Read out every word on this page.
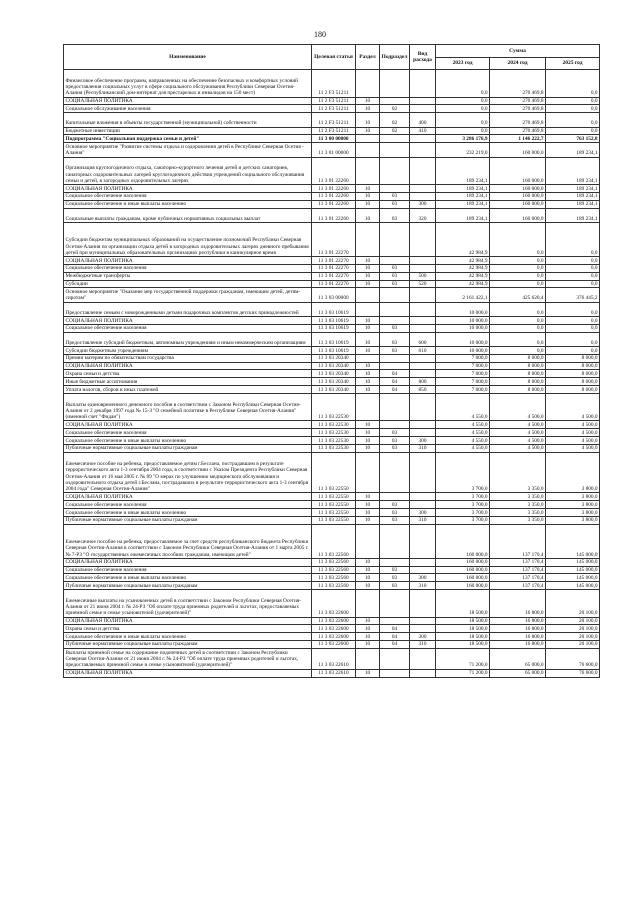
180
Наименование	Целевая статья	Раздел	Подраздел	Вид расхода	Сумма		
					2023 год	2024 год	2025 год
Финансовое обеспечение программ, направленных на обеспечение безопасных и комфортных условий предоставления социальных услуг в сфере социального обслуживания Республики Северная Осетия-Алания (Республиканский дом-интернат для престарелых и инвалидов на 150 мест)	11 2 F3 51211				0,0	270 469,8	0,0
СОЦИАЛЬНАЯ ПОЛИТИКА	11 2 F3 51211	10			0,0	270 469,8	0,0
Социальное обслуживание населения	11 2 F3 51211	10	02		0,0	270 469,8	0,0
Капитальные вложения в объекты государственной (муниципальной) собственности	11 2 F3 51211	10	02	400	0,0	270 469,8	0,0
Бюджетные инвестиции	11 2 F3 51211	10	02	410	0,0	270 469,8	0,0
Подпрограмма "Социальная поддержка семьи и детей"	11 3 00 00000				3 286 176,9	1 146 222,7	763 152,8
Основное мероприятие "Развитие системы отдыха и оздоровления детей в Республике Северная Осетия - Алания"	11 3 01 00000				232 219,0	160 000,0	189 234,1
Организация круглогодичного отдыха, санаторно-курортного лечения детей и детских санаториев, санаторных оздоровительных лагерей круглогодичного действия учреждений социального обслуживания семьи и детей, в загородных оздоровительных лагерях	11 3 01 22260				189 234,1	160 000,0	189 234,1
СОЦИАЛЬНАЯ ПОЛИТИКА	11 3 01 22260	10			189 234,1	160 000,0	189 234,1
Социальное обеспечение населения	11 3 01 22260	10	03		189 234,1	160 000,0	189 234,1
Социальное обеспечение и иные выплаты населению	11 3 01 22260	10	03	300	189 234,1	160 000,0	189 234,1
Социальные выплаты гражданам, кроме публичных нормативных социальных выплат	11 3 01 22260	10	03	320	189 234,1	160 000,0	189 234,1
Субсидии бюджетам муниципальных образований на осуществление полномочий Республики Северная Осетия-Алания по организации отдыха детей в загородных оздоровительных лагерях дневного пребывания детей при муниципальных образовательных организациях республики в каникулярное время	11 3 01 22270				42 984,9	0,0	0,0
СОЦИАЛЬНАЯ ПОЛИТИКА	11 3 01 22270	10			42 984,9	0,0	0,0
Социальное обеспечение населения	11 3 01 22270	10	03		42 984,9	0,0	0,0
Межбюджетные трансферты	11 3 01 22270	10	03	500	42 984,9	0,0	0,0
Субсидии	11 3 01 22270	10	03	520	42 984,9	0,0	0,0
Основное мероприятие "Оказание мер государственной поддержки гражданам, имеющим детей, детям-сиротам"	11 3 03 00000				2 161 422,1	425 620,4	376 445,2
Предоставление семьям с новорожденными детьми подарочных комплектов детских принадлежностей	11 3 03 10619				10 000,0	0,0	0,0
СОЦИАЛЬНАЯ ПОЛИТИКА	11 3 03 10619	10			10 000,0	0,0	0,0
Социальное обеспечение населения	11 3 03 10619	10	03		10 000,0	0,0	0,0
Предоставление субсидий бюджетным, автономным учреждениям и иным некоммерческим организациям	11 3 03 10619	10	03	600	10 000,0	0,0	0,0
Субсидии бюджетным учреждениям	11 3 03 10619	10	03	610	10 000,0	0,0	0,0
Премии матерям по обязательствам государства	11 3 03 20340				7 000,0	8 000,0	8 000,0
СОЦИАЛЬНАЯ ПОЛИТИКА	11 3 03 20340	10			7 000,0	8 000,0	8 000,0
Охрана семьи и детства	11 3 03 20340	10	04		7 000,0	8 000,0	8 000,0
Иные бюджетные ассигнования	11 3 03 20340	10	04	800	7 000,0	8 000,0	8 000,0
Уплата налогов, сборов и иных платежей	11 3 03 20340	10	04	850	7 000,0	8 000,0	8 000,0
Выплаты единовременного денежного пособия в соответствии с Законом Республики Северная Осетия-Алания от 2 декабря 1997 года № 15-З "О семейной политике в Республике Северная Осетия-Алания" (именной счет "Фидан")	11 3 03 22530				4 550,0	4 500,0	4 500,0
СОЦИАЛЬНАЯ ПОЛИТИКА	11 3 03 22530	10			4 550,0	4 500,0	4 500,0
Социальное обеспечение населения	11 3 03 22530	10	03		4 550,0	4 500,0	4 500,0
Социальное обеспечение и иные выплаты населению	11 3 03 22530	10	03	300	4 550,0	4 500,0	4 500,0
Публичные нормативные социальные выплаты гражданам	11 3 03 22530	10	03	310	4 550,0	4 500,0	4 500,0
Ежемесячное пособие на ребенка, предоставляемое детям г.Беслана, пострадавшим в результате террористического акта 1-3 сентября 2004 года, в соответствии с Указом Президента Республики Северная Осетия-Алания от 16 мая 2005 г. № 89 "О мерах по улучшению медицинского обслуживания и оздоровительного отдыха детей г.Беслана, пострадавших в результате террористического акта 1-3 сентября 2004 года" Северная Осетия-Алания"	11 3 03 22550				3 700,0	3 350,0	3 800,0
СОЦИАЛЬНАЯ ПОЛИТИКА	11 3 03 22550	10			3 700,0	3 350,0	3 800,0
Социальное обеспечение населения	11 3 03 22550	10	03		3 700,0	3 350,0	3 800,0
Социальное обеспечение и иные выплаты населению	11 3 03 22550	10	03	300	3 700,0	3 350,0	3 800,0
Публичные нормативные социальные выплаты гражданам	11 3 03 22550	10	03	310	3 700,0	3 350,0	3 800,0
Ежемесячное пособие на ребенка, предоставляемое за счет средств республиканского бюджета Республики Северная Осетия-Алания в соответствии с Законом Республики Северная Осетия-Алания от 1 марта 2005 г. № 7-РЗ "О государственных ежемесячных пособиях гражданам, имеющим детей"	11 3 03 22560				160 000,0	137 170,4	145 000,0
СОЦИАЛЬНАЯ ПОЛИТИКА	11 3 03 22560	10			160 000,0	137 170,4	145 000,0
Социальное обеспечение населения	11 3 03 22560	10	03		160 000,0	137 170,4	145 000,0
Социальное обеспечение и иные выплаты населению	11 3 03 22560	10	03	300	160 000,0	137 170,4	145 000,0
Публичные нормативные социальные выплаты гражданам	11 3 03 22560	10	03	310	160 000,0	137 170,4	145 000,0
Ежемесячные выплаты на усыновленных детей в соответствии с Законом Республики Северная Осетия-Алания от 21 июня 2004 г. № 24-РЗ "Об оплате труда приемных родителей и льготах, предоставляемых приемной семье и семье усыновителей (удочерителей)"	11 3 03 22600				18 500,0	16 800,0	20 100,0
СОЦИАЛЬНАЯ ПОЛИТИКА	11 3 03 22600	10			18 500,0	16 800,0	20 100,0
Охрана семьи и детства	11 3 03 22600	10	04		18 500,0	16 800,0	20 100,0
Социальное обеспечение и иные выплаты населению	11 3 03 22600	10	04	300	18 500,0	16 800,0	20 100,0
Публичные нормативные социальные выплаты гражданам	11 3 03 22600	10	04	310	18 500,0	16 800,0	20 100,0
Выплаты приемной семье на содержание подопечных детей в соответствии с Законом Республики Северная Осетия-Алания от 21 июня 2004 г. № 24-РЗ "Об оплате труда приемных родителей и льготах, предоставляемых приемной семье и семье усыновителей (удочерителей)"	11 3 03 22610				71 200,0	65 000,0	76 600,0
СОЦИАЛЬНАЯ ПОЛИТИКА	11 3 03 22610	10			71 200,0	65 000,0	76 600,0
